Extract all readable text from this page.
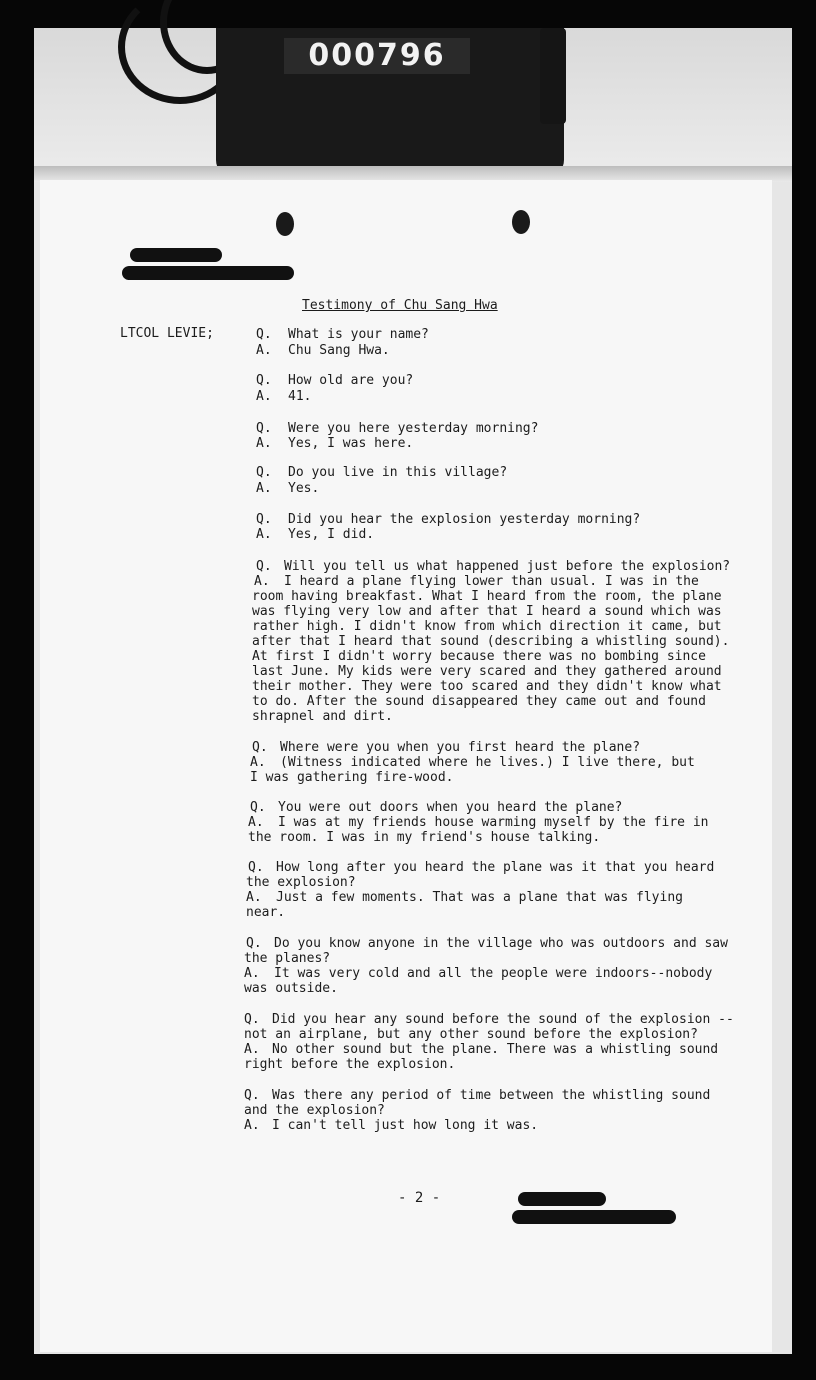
000796
Testimony of Chu Sang Hwa
LTCOL LEVIE;	Q. What is your name?
A. Chu Sang Hwa.
Q. How old are you?
A. 41.
Q. Were you here yesterday morning?
A. Yes, I was here.
Q. Do you live in this village?
A. Yes.
Q. Did you hear the explosion yesterday morning?
A. Yes, I did.
Q. Will you tell us what happened just before the explosion?
A. I heard a plane flying lower than usual. I was in the
room having breakfast. What I heard from the room, the plane
was flying very low and after that I heard a sound which was
rather high. I didn't know from which direction it came, but
after that I heard that sound (describing a whistling sound).
At first I didn't worry because there was no bombing since
last June. My kids were very scared and they gathered around
their mother. They were too scared and they didn't know what
to do. After the sound disappeared they came out and found
shrapnel and dirt.
Q. Where were you when you first heard the plane?
A. (Witness indicated where he lives.) I live there, but
I was gathering fire-wood.
Q. You were out doors when you heard the plane?
A. I was at my friends house warming myself by the fire in
the room. I was in my friend's house talking.
Q. How long after you heard the plane was it that you heard
the explosion?
A. Just a few moments. That was a plane that was flying
near.
Q. Do you know anyone in the village who was outdoors and saw
the planes?
A. It was very cold and all the people were indoors--nobody
was outside.
Q. Did you hear any sound before the sound of the explosion --
not an airplane, but any other sound before the explosion?
A. No other sound but the plane. There was a whistling sound
right before the explosion.
Q. Was there any period of time between the whistling sound
and the explosion?
A. I can't tell just how long it was.
- 2 -
